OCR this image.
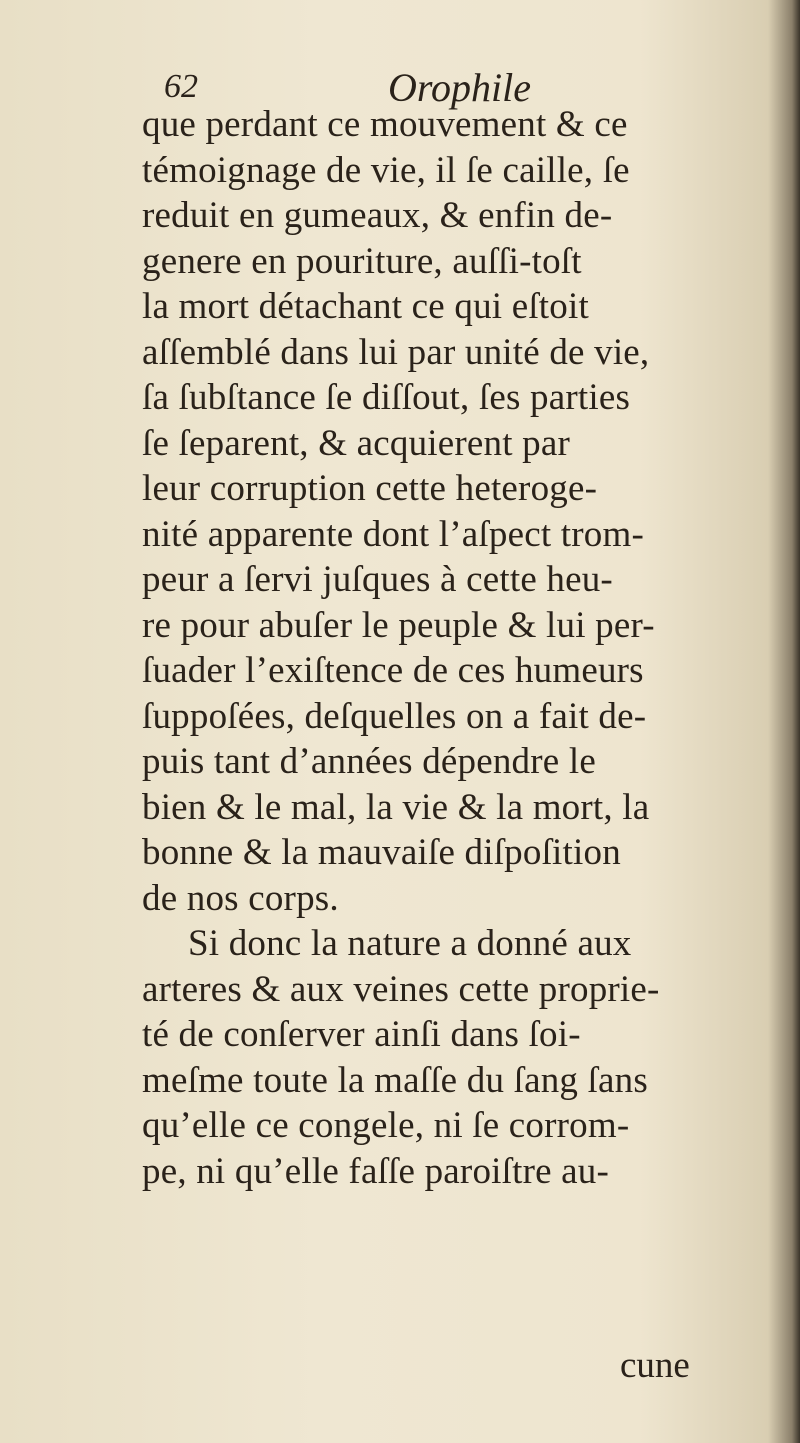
62	Orophile
que perdant ce mouvement & ce
témoignage de vie, il ſe caille, ſe
reduit en gumeaux, & enfin de-
genere en pouriture, auſſi-toſt
la mort détachant ce qui eſtoit
aſſemblé dans lui par unité de vie,
ſa ſubſtance ſe diſſout, ſes parties
ſe ſeparent, & acquierent par
leur corruption cette heteroge-
nité apparente dont l’aſpect trom-
peur a ſervi juſques à cette heu-
re pour abuſer le peuple & lui per-
ſuader l’exiſtence de ces humeurs
ſuppoſées, deſquelles on a fait de-
puis tant d’années dépendre le
bien & le mal, la vie & la mort, la
bonne & la mauvaiſe diſpoſition
de nos corps.
Si donc la nature a donné aux
arteres & aux veines cette proprie-
té de conſerver ainſi dans ſoi-
meſme toute la maſſe du ſang ſans
qu’elle ce congele, ni ſe corrom-
pe, ni qu’elle faſſe paroiſtre au-
cune
